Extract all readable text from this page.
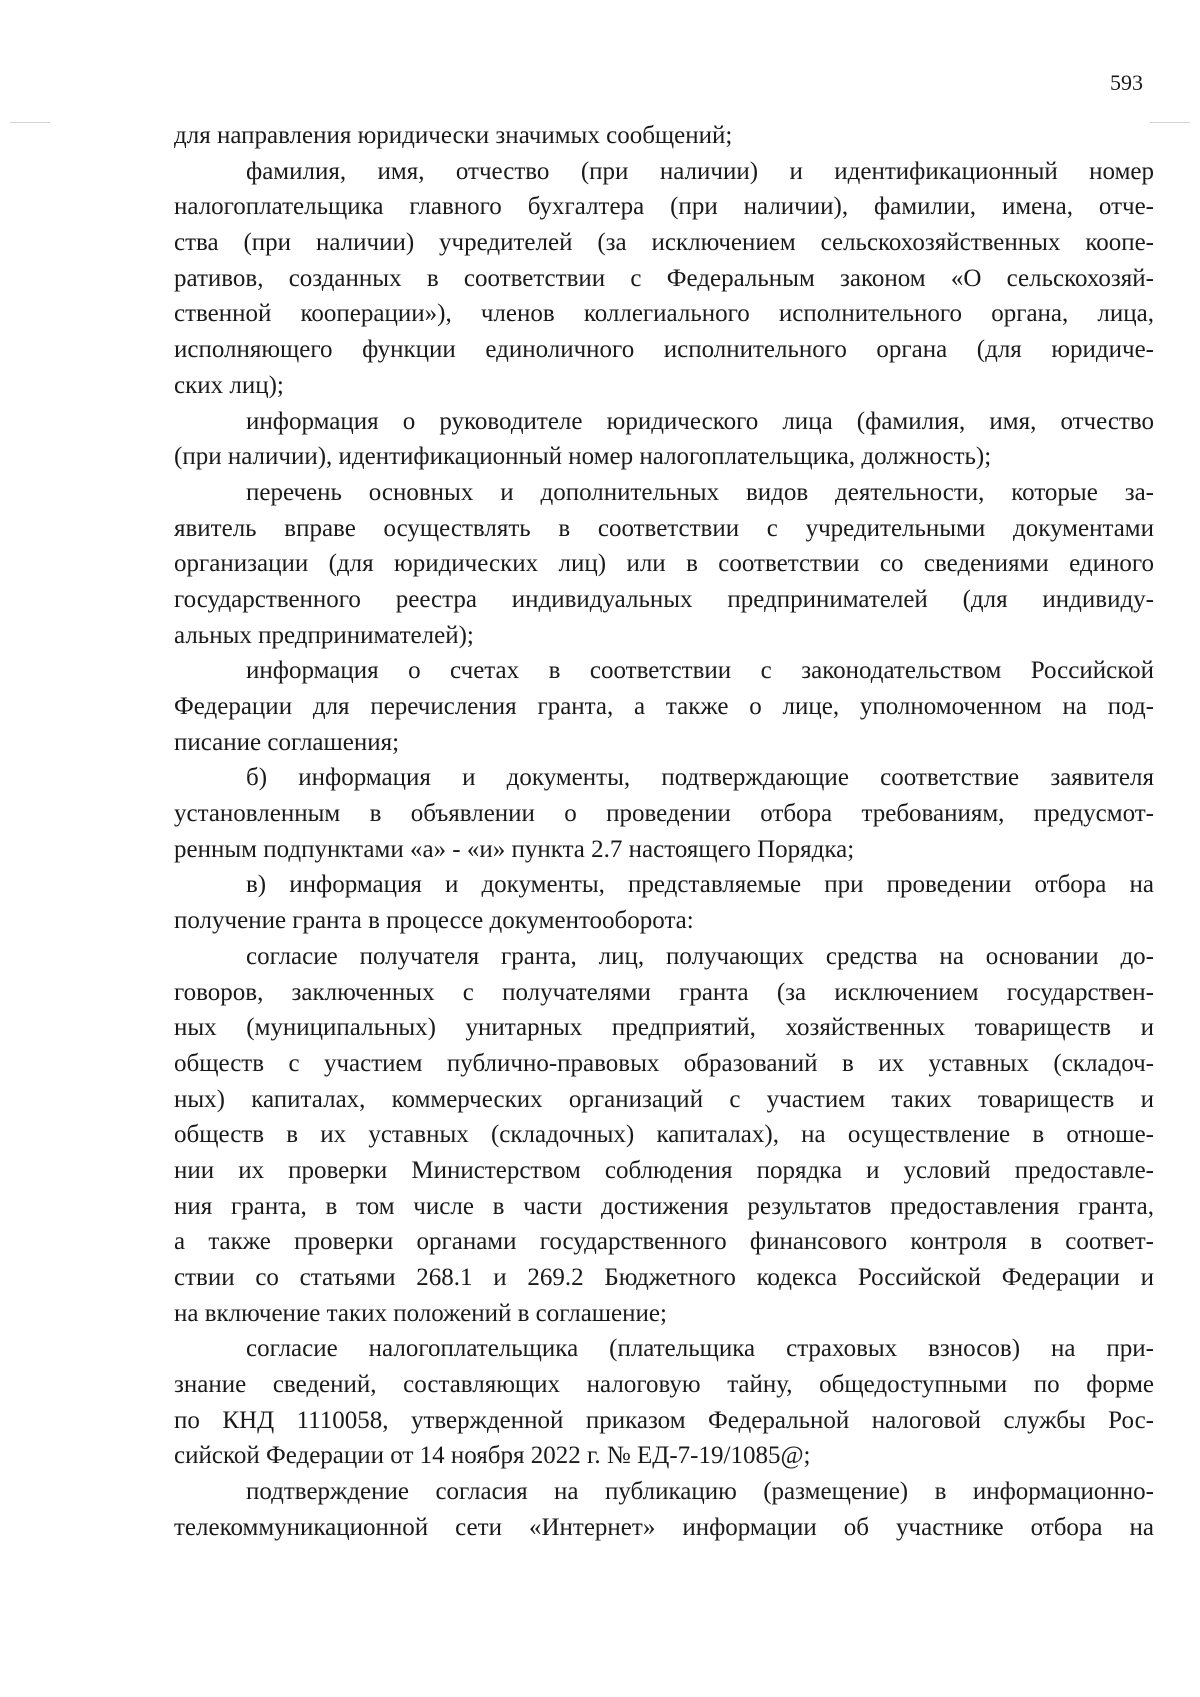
593
для направления юридически значимых сообщений;
фамилия, имя, отчество (при наличии) и идентификационный номер
налогоплательщика главного бухгалтера (при наличии), фамилии, имена, отче-
ства (при наличии) учредителей (за исключением сельскохозяйственных коопе-
ративов, созданных в соответствии с Федеральным законом «О сельскохозяй-
ственной кооперации»), членов коллегиального исполнительного органа, лица,
исполняющего функции единоличного исполнительного органа (для юридиче-
ских лиц);
информация о руководителе юридического лица (фамилия, имя, отчество
(при наличии), идентификационный номер налогоплательщика, должность);
перечень основных и дополнительных видов деятельности, которые за-
явитель вправе осуществлять в соответствии с учредительными документами
организации (для юридических лиц) или в соответствии со сведениями единого
государственного реестра индивидуальных предпринимателей (для индивиду-
альных предпринимателей);
информация о счетах в соответствии с законодательством Российской
Федерации для перечисления гранта, а также о лице, уполномоченном на под-
писание соглашения;
б) информация и документы, подтверждающие соответствие заявителя
установленным в объявлении о проведении отбора требованиям, предусмот-
ренным подпунктами «а» - «и» пункта 2.7 настоящего Порядка;
в) информация и документы, представляемые при проведении отбора на
получение гранта в процессе документооборота:
согласие получателя гранта, лиц, получающих средства на основании до-
говоров, заключенных с получателями гранта (за исключением государствен-
ных (муниципальных) унитарных предприятий, хозяйственных товариществ и
обществ с участием публично-правовых образований в их уставных (складоч-
ных) капиталах, коммерческих организаций с участием таких товариществ и
обществ в их уставных (складочных) капиталах), на осуществление в отноше-
нии их проверки Министерством соблюдения порядка и условий предоставле-
ния гранта, в том числе в части достижения результатов предоставления гранта,
а также проверки органами государственного финансового контроля в соответ-
ствии со статьями 268.1 и 269.2 Бюджетного кодекса Российской Федерации и
на включение таких положений в соглашение;
согласие налогоплательщика (плательщика страховых взносов) на при-
знание сведений, составляющих налоговую тайну, общедоступными по форме
по КНД 1110058, утвержденной приказом Федеральной налоговой службы Рос-
сийской Федерации от 14 ноября 2022 г. № ЕД-7-19/1085@;
подтверждение согласия на публикацию (размещение) в информационно-
телекоммуникационной сети «Интернет» информации об участнике отбора на
